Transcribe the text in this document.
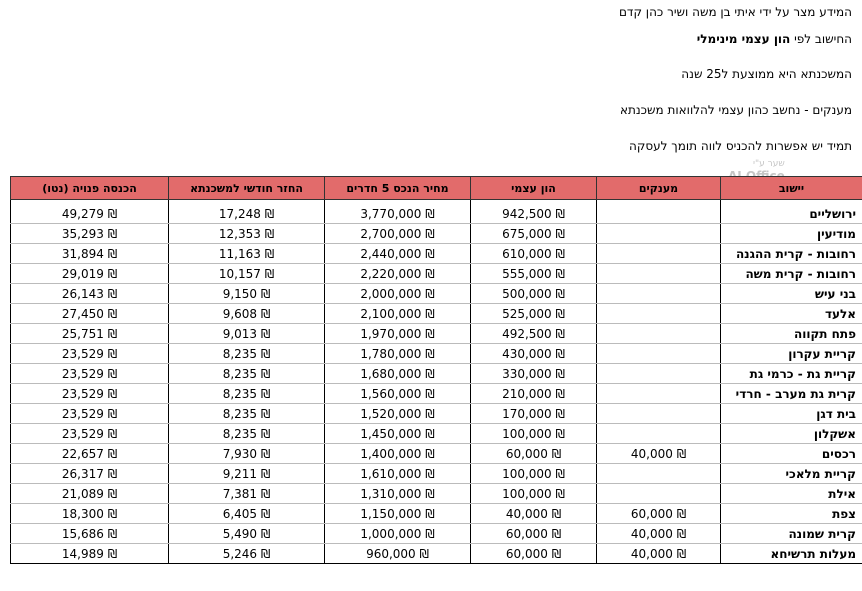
המידע מצר על ידי איתי בן משה ושיר כהן קדם
החישוב לפי הון עצמי מינימלי
המשכנתא היא ממוצעת ל25 שנה
מענקים - נחשב כהון עצמי להלוואות משכנתא
תמיד יש אפשרות להכניס לווה תומך לעסקה
שער ע"י
יישוב	מענקים	הון עצמי	מחיר הנכס 5 חדרים	החזר חודשי למשכנתא	הכנסה פנויה (נטו)

ירושליים		942,500 ₪	3,770,000 ₪	17,248 ₪	49,279 ₪
מודיעין		675,000 ₪	2,700,000 ₪	12,353 ₪	35,293 ₪
רחובות - קרית ההגנה		610,000 ₪	2,440,000 ₪	11,163 ₪	31,894 ₪
רחובות - קרית משה		555,000 ₪	2,220,000 ₪	10,157 ₪	29,019 ₪
בני עיש		500,000 ₪	2,000,000 ₪	9,150 ₪	26,143 ₪
אלעד		525,000 ₪	2,100,000 ₪	9,608 ₪	27,450 ₪
פתח תקווה		492,500 ₪	1,970,000 ₪	9,013 ₪	25,751 ₪
קריית עקרון		430,000 ₪	1,780,000 ₪	8,235 ₪	23,529 ₪
קריית גת - כרמי גת		330,000 ₪	1,680,000 ₪	8,235 ₪	23,529 ₪
קרית גת מערב - חרדי		210,000 ₪	1,560,000 ₪	8,235 ₪	23,529 ₪
בית דגן		170,000 ₪	1,520,000 ₪	8,235 ₪	23,529 ₪
אשקלון		100,000 ₪	1,450,000 ₪	8,235 ₪	23,529 ₪
רכסים	40,000 ₪	60,000 ₪	1,400,000 ₪	7,930 ₪	22,657 ₪
קריית מלאכי		100,000 ₪	1,610,000 ₪	9,211 ₪	26,317 ₪
אילת		100,000 ₪	1,310,000 ₪	7,381 ₪	21,089 ₪
צפת	60,000 ₪	40,000 ₪	1,150,000 ₪	6,405 ₪	18,300 ₪
קרית שמונה	40,000 ₪	60,000 ₪	1,000,000 ₪	5,490 ₪	15,686 ₪
מעלות תרשיחא	40,000 ₪	60,000 ₪	960,000 ₪	5,246 ₪	14,989 ₪
